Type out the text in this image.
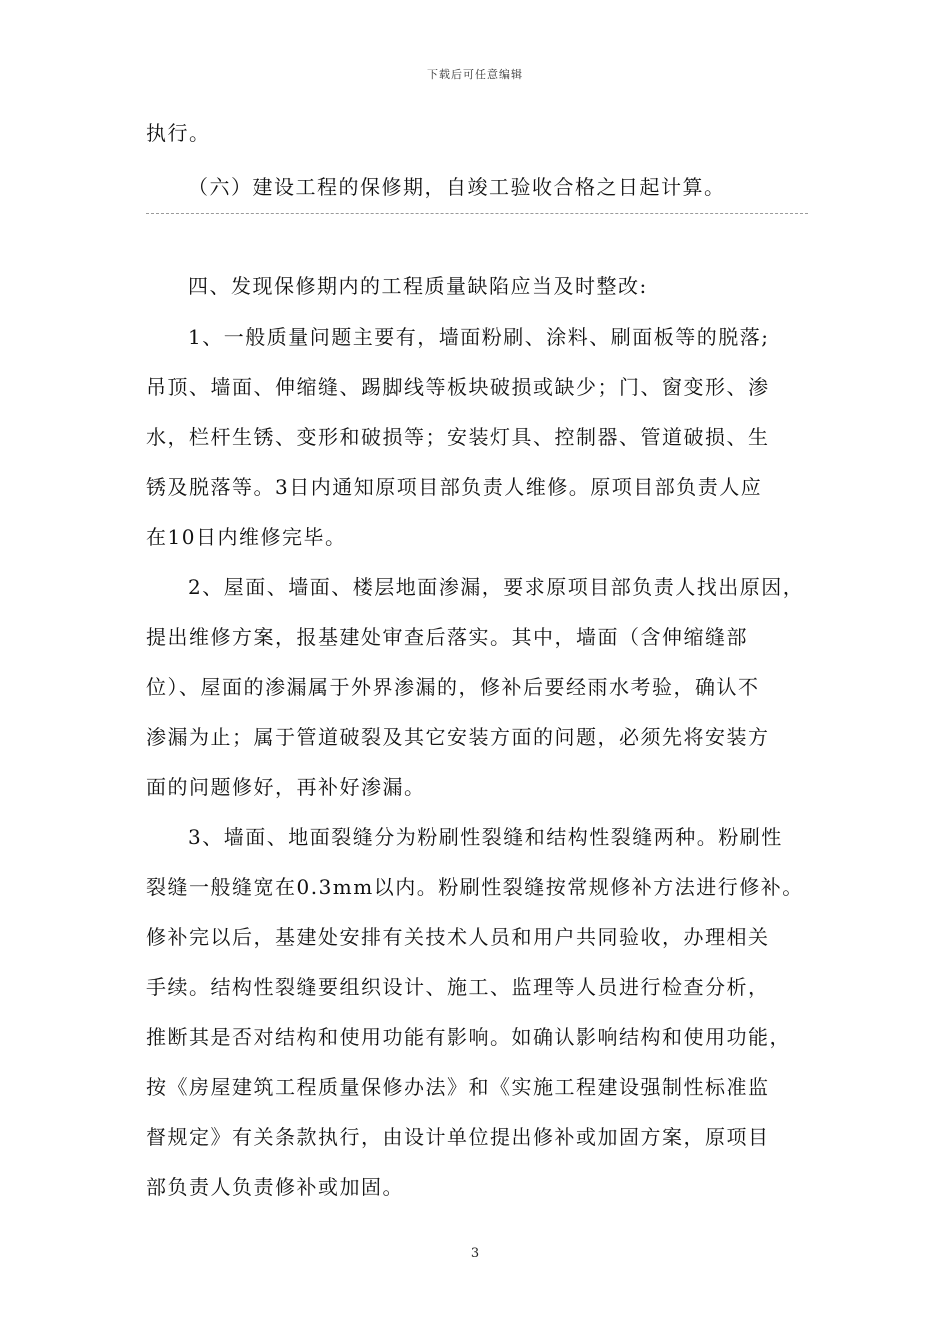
下载后可任意编辑
执行。
（六）建设工程的保修期，自竣工验收合格之日起计算。
四、发现保修期内的工程质量缺陷应当及时整改:
1、一般质量问题主要有，墙面粉刷、涂料、刷面板等的脱落;
吊顶、墙面、伸缩缝、踢脚线等板块破损或缺少；门、窗变形、渗
水，栏杆生锈、变形和破损等；安装灯具、控制器、管道破损、生
锈及脱落等。3日内通知原项目部负责人维修。原项目部负责人应
在10日内维修完毕。
2、屋面、墙面、楼层地面渗漏，要求原项目部负责人找出原因，
提出维修方案，报基建处审查后落实。其中，墙面（含伸缩缝部
位）、屋面的渗漏属于外界渗漏的，修补后要经雨水考验，确认不
渗漏为止；属于管道破裂及其它安装方面的问题，必须先将安装方
面的问题修好，再补好渗漏。
3、墙面、地面裂缝分为粉刷性裂缝和结构性裂缝两种。粉刷性
裂缝一般缝宽在0.3mm以内。粉刷性裂缝按常规修补方法进行修补。
修补完以后，基建处安排有关技术人员和用户共同验收，办理相关
手续。结构性裂缝要组织设计、施工、监理等人员进行检查分析，
推断其是否对结构和使用功能有影响。如确认影响结构和使用功能，
按《房屋建筑工程质量保修办法》和《实施工程建设强制性标准监
督规定》有关条款执行，由设计单位提出修补或加固方案，原项目
部负责人负责修补或加固。
3
